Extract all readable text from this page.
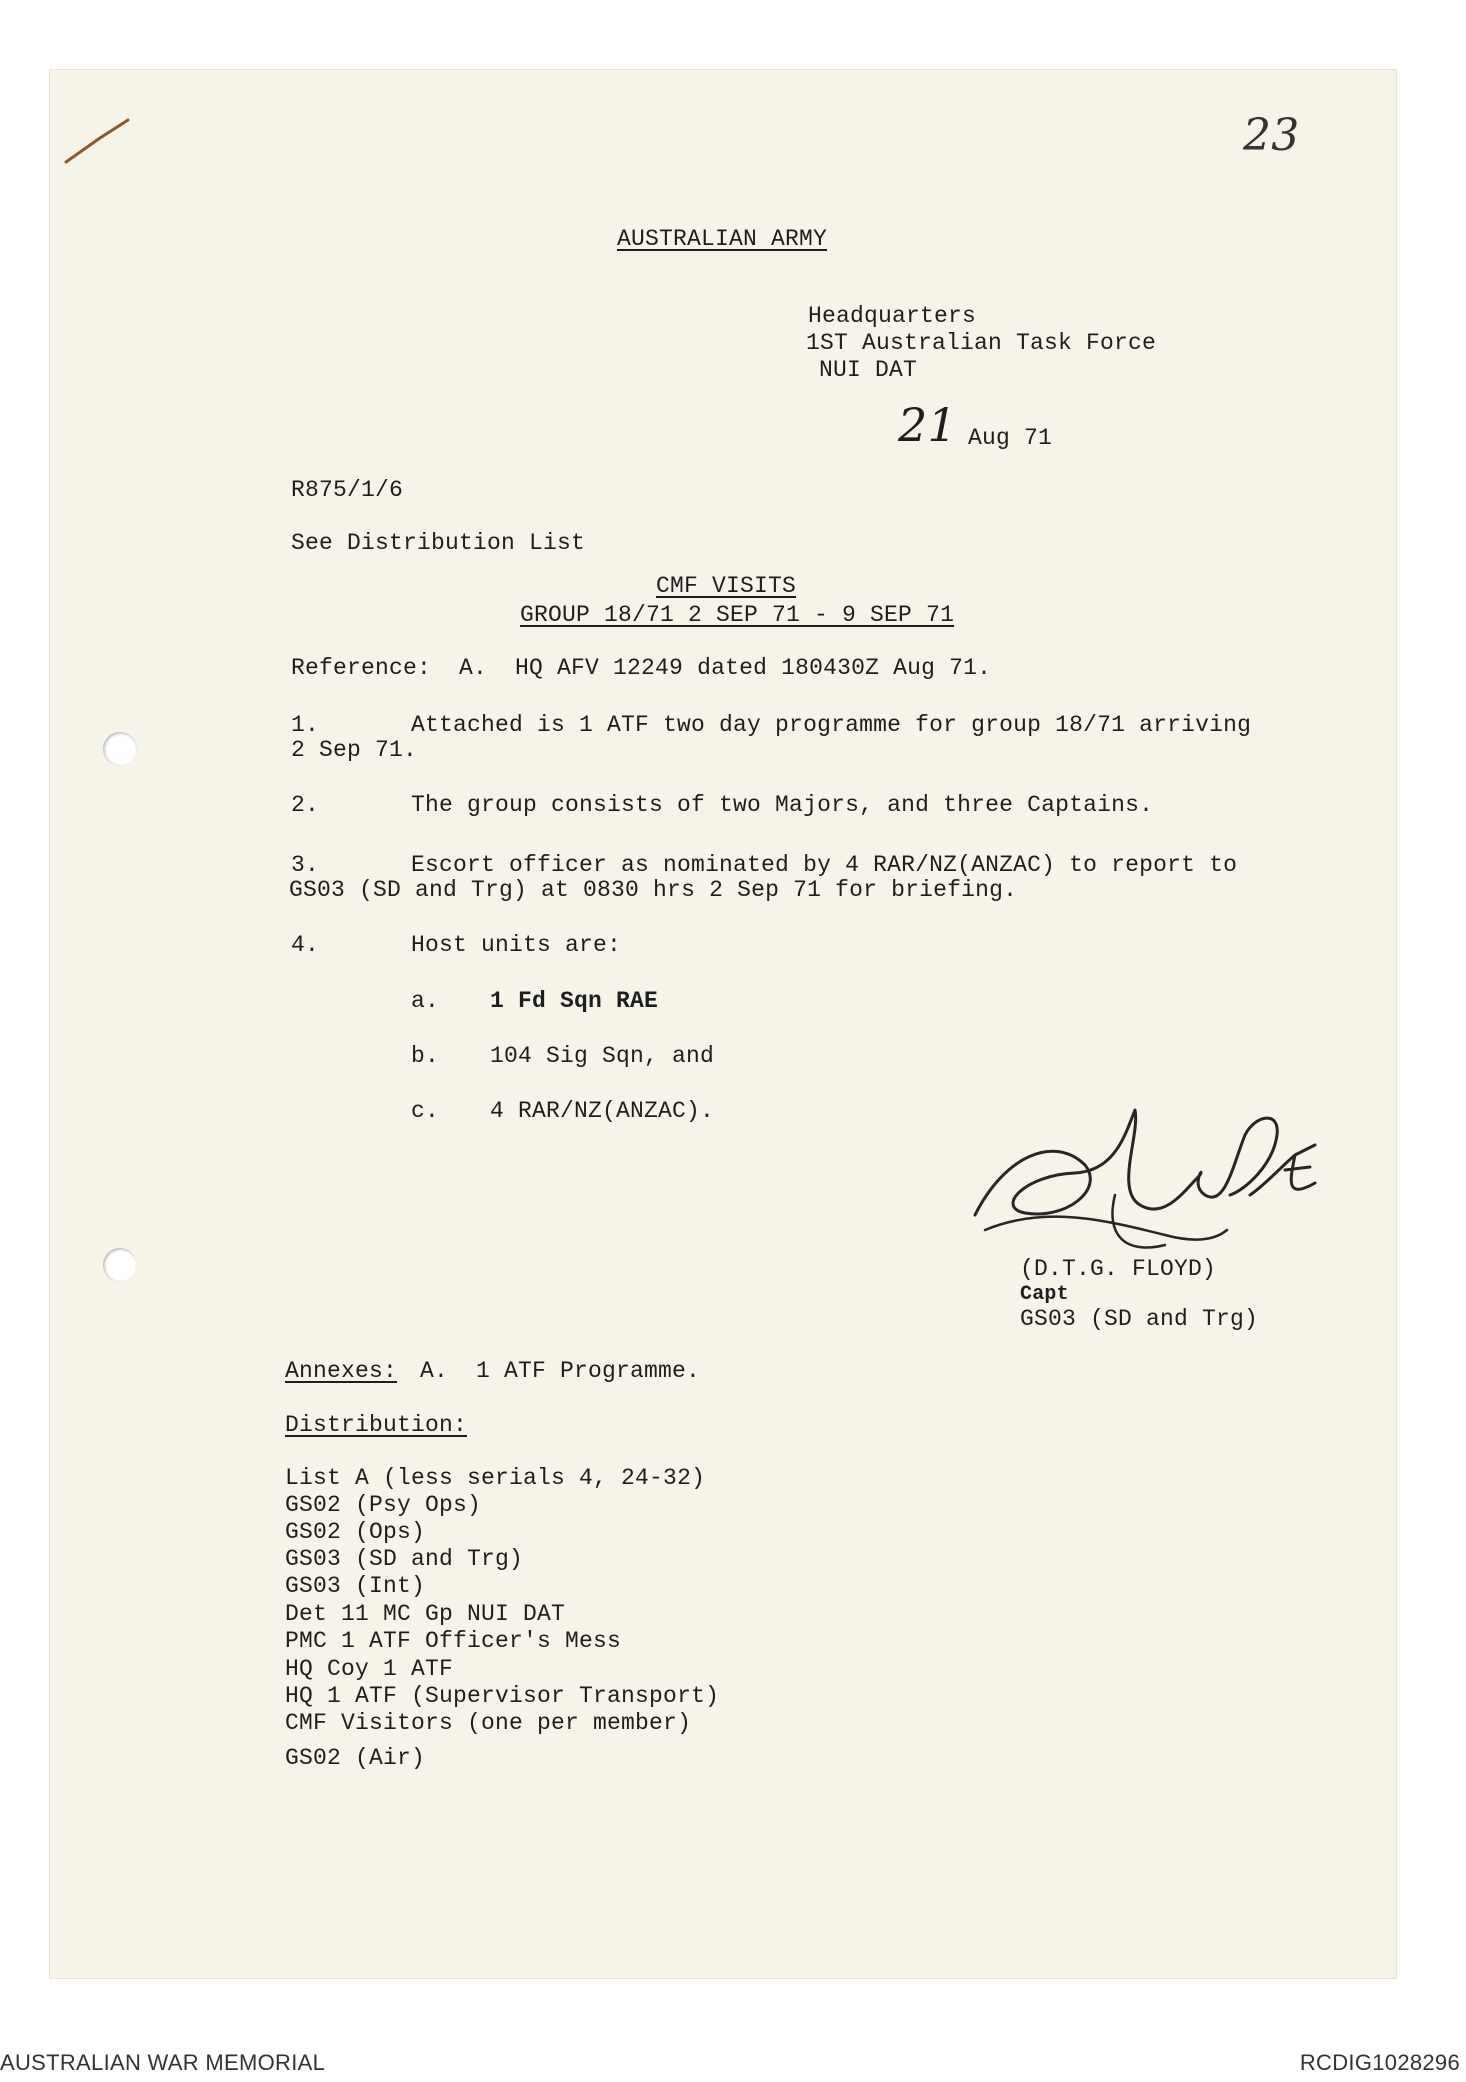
23
AUSTRALIAN ARMY
Headquarters
1ST Australian Task Force
NUI DAT
21 Aug 71
R875/1/6
See Distribution List
CMF VISITS
GROUP 18/71 2 SEP 71 - 9 SEP 71
Reference:  A.  HQ AFV 12249 dated 180430Z Aug 71.
1.	Attached is 1 ATF two day programme for group 18/71 arriving
2 Sep 71.
2.	The group consists of two Majors, and three Captains.
3.	Escort officer as nominated by 4 RAR/NZ(ANZAC) to report to
GS03 (SD and Trg) at 0830 hrs 2 Sep 71 for briefing.
4.	Host units are:
a. 1 Fd Sqn RAE
b. 104 Sig Sqn, and
c. 4 RAR/NZ(ANZAC).
(D.T.G. FLOYD)
Capt
GS03 (SD and Trg)
Annexes: A.  1 ATF Programme.
Distribution:
List A (less serials 4, 24-32)
GS02 (Psy Ops)
GS02 (Ops)
GS03 (SD and Trg)
GS03 (Int)
Det 11 MC Gp NUI DAT
PMC 1 ATF Officer's Mess
HQ Coy 1 ATF
HQ 1 ATF (Supervisor Transport)
CMF Visitors (one per member)
GS02 (Air)
AUSTRALIAN WAR MEMORIAL	RCDIG1028296
